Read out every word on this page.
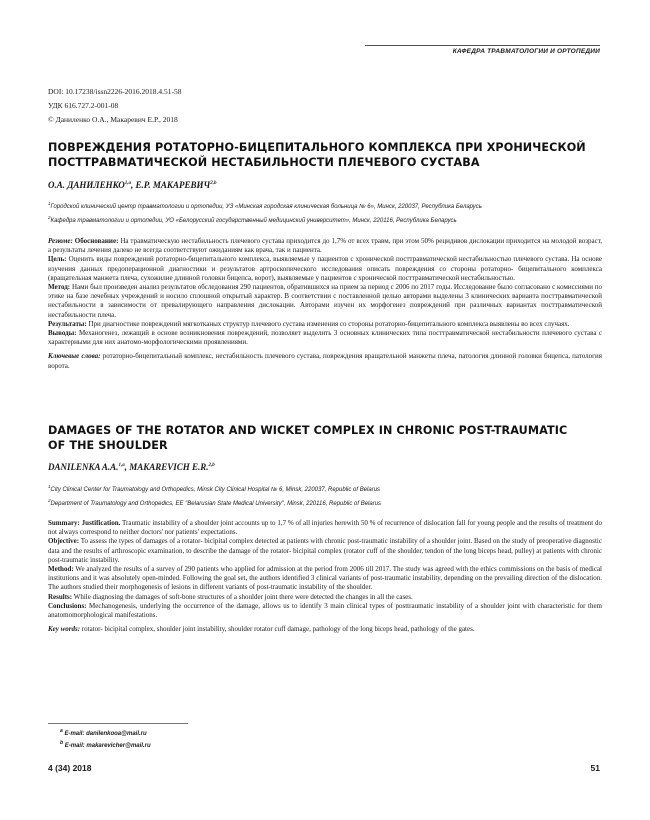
КАФЕДРА ТРАВМАТОЛОГИИ И ОРТОПЕДИИ
DOI: 10.17238/issn2226-2016.2018.4.51-58
УДК 616.727.2-001-08
© Даниленко О.А., Макаревич Е.Р., 2018
ПОВРЕЖДЕНИЯ РОТАТОРНО-БИЦЕПИТАЛЬНОГО КОМПЛЕКСА ПРИ ХРОНИЧЕСКОЙ
ПОСТТРАВМАТИЧЕСКОЙ НЕСТАБИЛЬНОСТИ ПЛЕЧЕВОГО СУСТАВА
О.А. ДАНИЛЕНКО$^{1,a}$, Е.Р. МАКАРЕВИЧ$^{2,b}$
$^1$Городской клинический центр травматологии и ортопедии, УЗ «Минская городская клиническая больница № 6», Минск, 220037, Республика Беларусь
$^2$Кафедра травматологии и ортопедии, УО «Белорусский государственный медицинский университет», Минск, 220116, Республика Беларусь

Резюме: Обоснование: На травматическую нестабильность плечевого сустава приходится до 1,7% от всех травм, при этом 50% рецидивов дислокации приходится на молодой возраст, а результаты лечения далеко не всегда соответствуют ожиданиям как врача, так и пациента.

Цель: Оценить виды повреждений ротаторно-бицепитального комплекса, выявляемые у пациентов с хронической посттравматической нестабильностью плечевого сустава. На основе изучения данных предоперационной диагностики и результатов артроскопического исследования описать повреждения со стороны ротаторно- бицепитального комплекса (вращательная манжета плеча, сухожилие длинной головки бицепса, ворот), выявляемые у пациентов с хронической посттравматической нестабильностью.

Метод: Нами был произведен анализ результатов обследования 290 пациентов, обратившихся на прием за период с 2006 по 2017 годы. Исследование было согласовано с комиссиями по этике на базе лечебных учреждений и носило сплошной открытый характер. В соответствии с поставленной целью авторами выделены 3 клинических варианта посттравматической нестабильности в зависимости от превалирующего направления дислокации. Авторами изучен их морфогенез повреждений при различных вариантах посттравматической нестабильности плеча.

Результаты: При диагностике повреждений мягкотканых структур плечевого сустава изменения со стороны ротаторно-бицепитального комплекса выявлены во всех случаях.

Выводы: Механогенез, лежащий в основе возникновения повреждений, позволяет выделить 3 основных клинических типа посттравматической нестабильности плечевого сустава с характерными для них анатомо-морфологическими проявлениями.

Ключевые слова: ротаторно-бицепитальный комплекс, нестабильность плечевого сустава, повреждения вращательной манжеты плеча, патология длинной головки бицепса, патология ворота.

DAMAGES OF THE ROTATOR AND WICKET COMPLEX IN CHRONIC POST-TRAUMATIC
OF THE SHOULDER
DANILENKA A.A.$^{1,a}$, MAKAREVICH E.R.$^{2,b}$
$^1$City Clinical Center for Traumatology and Orthopedics, Minsk City Clinical Hospital № 6, Minsk, 220037, Republic of Belarus
$^2$Department of Traumatology and Orthopedics, EE "Belarusian State Medical University", Minsk, 220116, Republic of Belarus

Summary: Justification. Traumatic instability of a shoulder joint accounts up to 1,7 % of all injuries herewith 50 % of recurrence of dislocation fall for young people and the results of treatment do not always correspond to neither doctors' nor patients' expectations.

Objective: To assess the types of damages of a rotator- bicipital complex detected at patients with chronic post-traumatic instability of a shoulder joint. Based on the study of preoperative diagnostic data and the results of arthroscopic examination, to describe the damage of the rotator- bicipital complex (rotator cuff of the shoulder, tendon of the long biceps head, pulley) at patients with chronic post-traumatic instability.

Method: We analyzed the results of a survey of 290 patients who applied for admission at the period from 2006 till 2017. The study was agreed with the ethics commissions on the basis of medical institutions and it was absolutely open-minded. Following the goal set, the authors identified 3 clinical variants of post-traumatic instability, depending on the prevailing direction of the dislocation. The authors studied their morphogenesis of lesions in different variants of post-traumatic instability of the shoulder.

Results: While diagnosing the damages of soft-bone structures of a shoulder joint there were detected the changes in all the cases.

Conclusions: Mechanogenesis, underlying the occurrence of the damage, allows us to identify 3 main clinical types of posttraumatic instability of a shoulder joint with characteristic for them anatomomorphological manifestations.

Key words: rotator- bicipital complex, shoulder joint instability, shoulder rotator cuff damage, pathology of the long biceps head, pathology of the gates.

$^a$ E-mail: danilenkooa@mail.ru
$^b$ E-mail: makarevicher@mail.ru
4 (34) 2018	51
